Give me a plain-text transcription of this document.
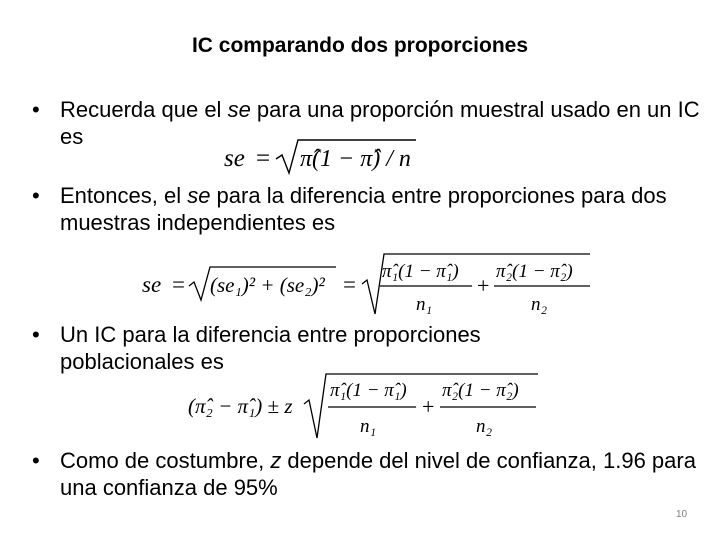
IC comparando dos proporciones
• Recuerda que el se para una proporción muestral usado en un IC es
se = π̂(1 − π̂) / n
• Entonces, el se para la diferencia entre proporciones para dos muestras independientes es
se = (se₁)² + (se₂)² =
π̂₁(1 − π̂₁)
n₁
+
π̂₂(1 − π̂₂)
n₂
• Un IC para la diferencia entre proporciones poblacionales es
(π̂₂ − π̂₁) ± z
π̂₁(1 − π̂₁)
n₁
+
π̂₂(1 − π̂₂)
n₂
• Como de costumbre, z depende del nivel de confianza, 1.96 para una confianza de 95%
10
